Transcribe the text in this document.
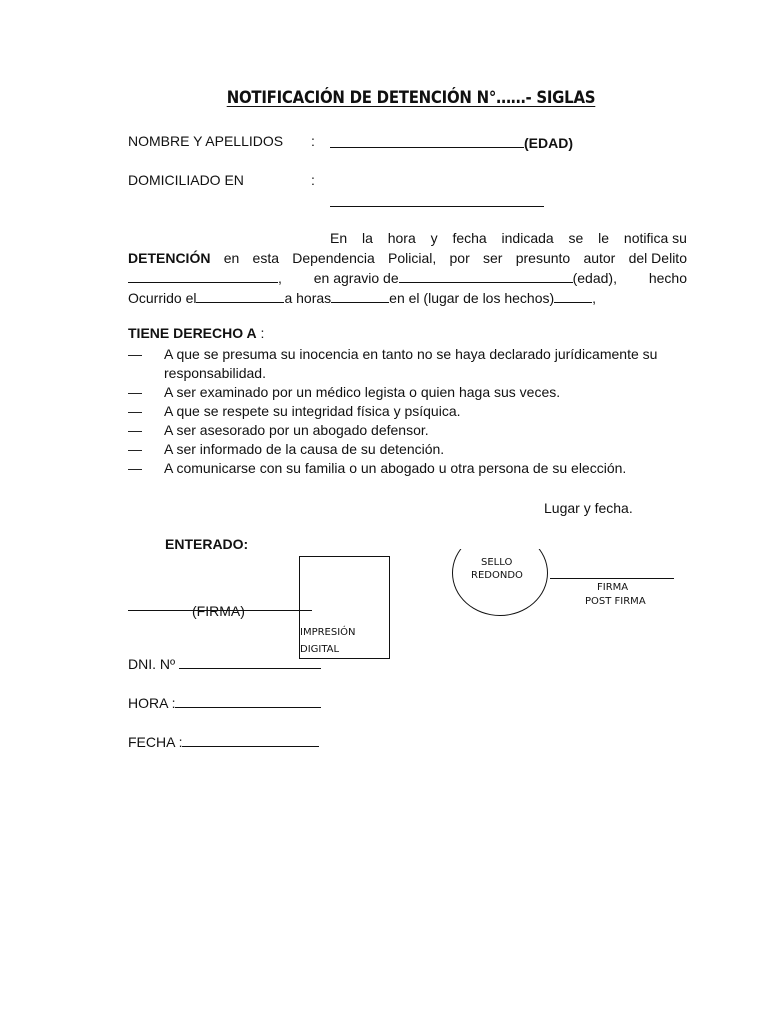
NOTIFICACIÓN DE DETENCIÓN N°……- SIGLAS
NOMBRE Y APELLIDOS :	(EDAD)
DOMICILIADO EN	:
En la hora y fecha indicada se le notifica su
DETENCIÓN en esta Dependencia Policial, por ser presunto autor del Delito
, en agravio de	(edad), hecho
Ocurrido el	a horas	en el (lugar de los hechos)	,
TIENE DERECHO A :
—	A que se presuma su inocencia en tanto no se haya declarado jurídicamente su responsabilidad.
—	A ser examinado por un médico legista o quien haga sus veces.
—	A que se respete su integridad física y psíquica.
—	A ser asesorado por un abogado defensor.
—	A ser informado de la causa de su detención.
—	A comunicarse con su familia o un abogado u otra persona de su elección.
Lugar y fecha.
ENTERADO:
(FIRMA)
IMPRESIÓN
DIGITAL
SELLO
REDONDO
FIRMA
POST FIRMA
DNI. Nº
HORA :
FECHA :
